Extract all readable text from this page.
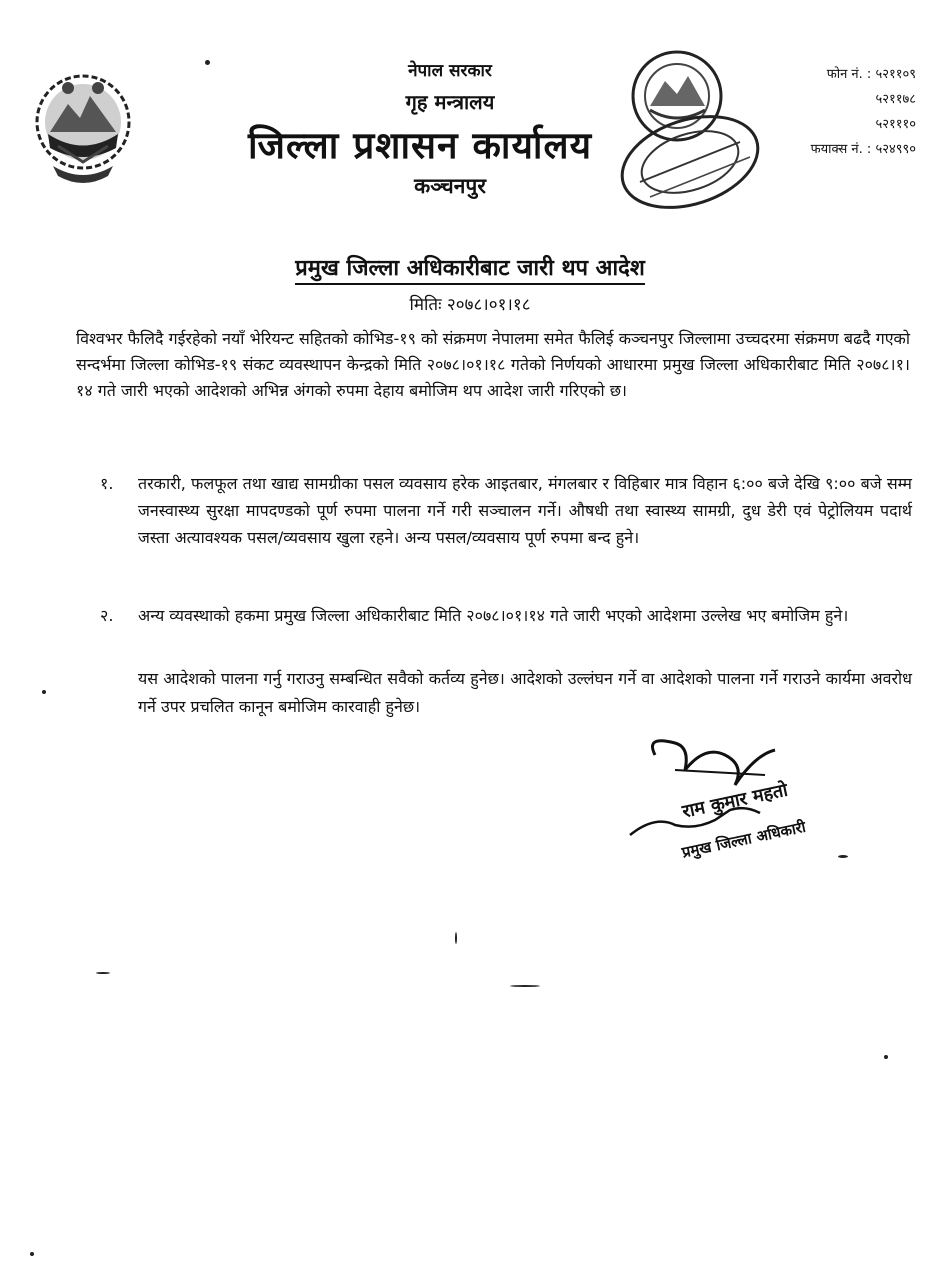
नेपाल सरकार
गृह मन्त्रालय
जिल्ला प्रशासन कार्यालय
कञ्चनपुर
फोन नं. : ५२११०९
५२११७८
५२१११०
फयाक्स नं. : ५२४९९०
प्रमुख जिल्ला अधिकारीबाट जारी थप आदेश
मितिः २०७८।०१।१८
विश्वभर फैलिदै गईरहेको नयाँ भेरियन्ट सहितको कोभिड-१९ को संक्रमण नेपालमा समेत फैलिई कञ्चनपुर जिल्लामा उच्चदरमा संक्रमण बढदै गएको सन्दर्भमा जिल्ला कोभिड-१९ संकट व्यवस्थापन केन्द्रको मिति २०७८।०१।१८ गतेको निर्णयको आधारमा प्रमुख जिल्ला अधिकारीबाट मिति २०७८।१।१४ गते जारी भएको आदेशको अभिन्न अंगको रुपमा देहाय बमोजिम थप आदेश जारी गरिएको छ।
१.	तरकारी, फलफूल तथा खाद्य सामग्रीका पसल व्यवसाय हरेक आइतबार, मंगलबार र विहिबार मात्र विहान ६:०० बजे देखि ९:०० बजे सम्म जनस्वास्थ्य सुरक्षा मापदण्डको पूर्ण रुपमा पालना गर्ने गरी सञ्चालन गर्ने। औषधी तथा स्वास्थ्य सामग्री, दुध डेरी एवं पेट्रोलियम पदार्थ जस्ता अत्यावश्यक पसल/व्यवसाय खुला रहने। अन्य पसल/व्यवसाय पूर्ण रुपमा बन्द हुने।
२.	अन्य व्यवस्थाको हकमा प्रमुख जिल्ला अधिकारीबाट मिति २०७८।०१।१४ गते जारी भएको आदेशमा उल्लेख भए बमोजिम हुने।
यस आदेशको पालना गर्नु गराउनु सम्बन्धित सवैको कर्तव्य हुनेछ। आदेशको उल्लंघन गर्ने वा आदेशको पालना गर्ने गराउने कार्यमा अवरोध गर्ने उपर प्रचलित कानून बमोजिम कारवाही हुनेछ।
राम कुमार महतो
प्रमुख जिल्ला अधिकारी
